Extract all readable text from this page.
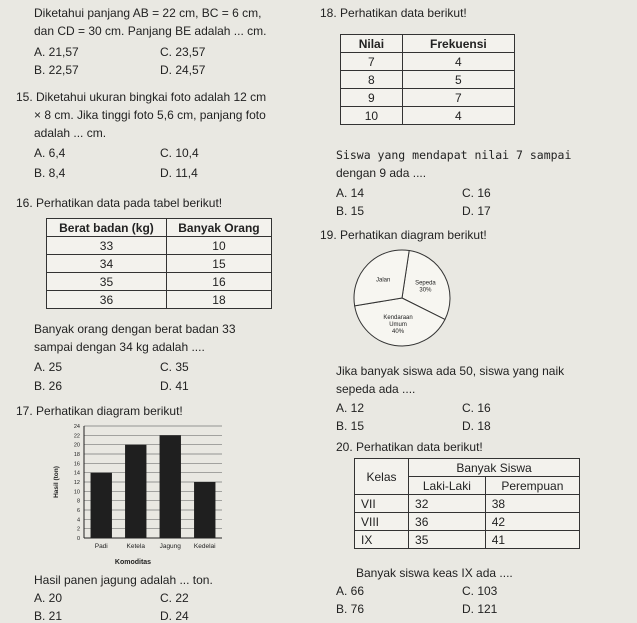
Diketahui panjang AB = 22 cm, BC = 6 cm,
dan CD = 30 cm. Panjang BE adalah ... cm.
A. 21,57	C. 23,57
B. 22,57	D. 24,57
15. Diketahui ukuran bingkai foto adalah 12 cm
× 8 cm. Jika tinggi foto 5,6 cm, panjang foto
adalah ... cm.
A. 6,4	C. 10,4
B. 8,4	D. 11,4
16. Perhatikan data pada tabel berikut!
Berat badan (kg)	Banyak Orang
33	10
34	15
35	16
36	18
Banyak orang dengan berat badan 33
sampai dengan 34 kg adalah ....
A. 25	C. 35
B. 26	D. 41
17. Perhatikan diagram berikut!
0
2
4
6
8
10
12
14
16
18
20
22
24
Padi	Ketela Jagung Kedelai
Komoditas
Hasil (ton)
Hasil panen jagung adalah ... ton.
A. 20	C. 22
B. 21	D. 24
18. Perhatikan data berikut!
Nilai	Frekuensi
7	4
8	5
9	7
10	4
Siswa yang mendapat nilai 7 sampai
dengan 9 ada ....
A. 14	C. 16
B. 15	D. 17
19. Perhatikan diagram berikut!
Sepeda
30%
Kendaraan
Umum
40%
Jalan
Jika banyak siswa ada 50, siswa yang naik
sepeda ada ....
A. 12	C. 16
B. 15	D. 18
20. Perhatikan data berikut!
Kelas	Banyak Siswa	
	Laki-Laki	Perempuan
VII	32	38
VIII	36	42
IX	35	41
Banyak siswa keas IX ada ....
A. 66	C. 103
B. 76	D. 121
